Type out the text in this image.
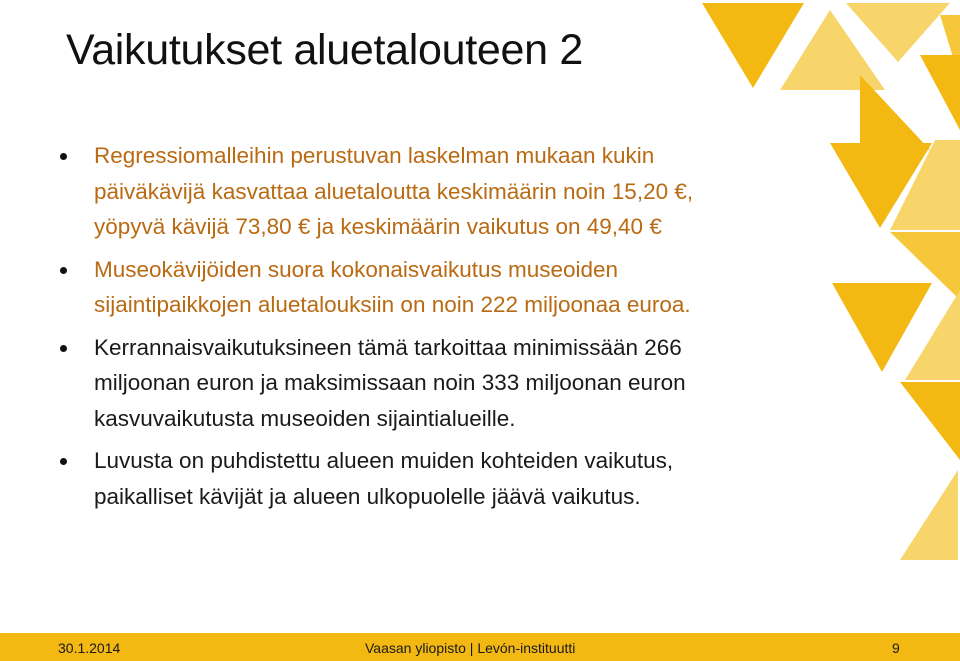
Vaikutukset aluetalouteen 2
Regressiomalleihin perustuvan laskelman mukaan kukin
päiväkävijä kasvattaa aluetaloutta keskimäärin noin 15,20 €,
yöpyvä kävijä 73,80 € ja keskimäärin vaikutus on 49,40 €
Museokävijöiden suora kokonaisvaikutus museoiden
sijaintipaikkojen aluetalouksiin on noin 222 miljoonaa euroa.
Kerrannaisvaikutuksineen tämä tarkoittaa minimissään 266
miljoonan euron ja maksimissaan noin 333 miljoonan euron
kasvuvaikutusta museoiden sijaintialueille.
Luvusta on puhdistettu alueen muiden kohteiden vaikutus,
paikalliset kävijät ja alueen ulkopuolelle jäävä vaikutus.
30.1.2014	Vaasan yliopisto | Levón-instituutti	9
